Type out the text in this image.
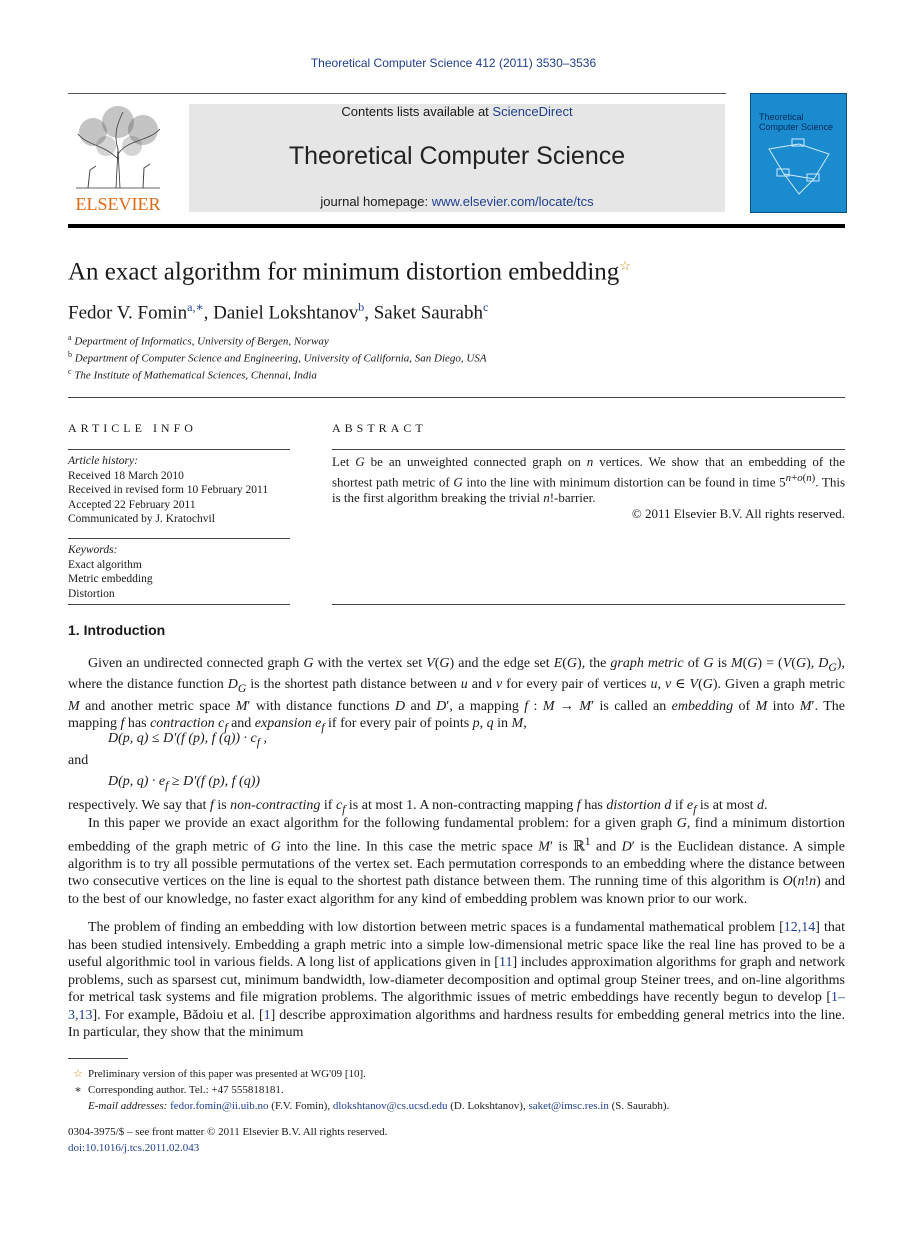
Theoretical Computer Science 412 (2011) 3530–3536
ELSEVIER
Contents lists available at ScienceDirect
Theoretical Computer Science
journal homepage: www.elsevier.com/locate/tcs
Theoretical
Computer Science
An exact algorithm for minimum distortion embedding☆
Fedor V. Fomin$^{a,∗}$, Daniel Lokshtanov$^b$, Saket Saurabh$^c$
$^a$ Department of Informatics, University of Bergen, Norway
$^b$ Department of Computer Science and Engineering, University of California, San Diego, USA
$^c$ The Institute of Mathematical Sciences, Chennai, India
ARTICLE INFO
Article history:
Received 18 March 2010
Received in revised form 10 February 2011
Accepted 22 February 2011
Communicated by J. Kratochvil
Keywords:
Exact algorithm
Metric embedding
Distortion
ABSTRACT
Let G be an unweighted connected graph on n vertices. We show that an embedding of the shortest path metric of G into the line with minimum distortion can be found in time $5^{n+o(n)}$. This is the first algorithm breaking the trivial n!-barrier.
© 2011 Elsevier B.V. All rights reserved.
1. Introduction
Given an undirected connected graph G with the vertex set V(G) and the edge set E(G), the graph metric of G is M(G) = (V(G), $D_G$), where the distance function $D_G$ is the shortest path distance between u and v for every pair of vertices u, v ∈ V(G). Given a graph metric M and another metric space M′ with distance functions D and D′, a mapping f : M → M′ is called an embedding of M into M′. The mapping f has contraction $c_f$ and expansion $e_f$ if for every pair of points p, q in M,
D(p, q) ≤ D′(f (p), f $(q)) \cdot c_f$ ,
and
D(p, $q) \cdot e_f \ge D'(f$ (p), f (q))
respectively. We say that f is non-contracting if $c_f$ is at most 1. A non-contracting mapping f has distortion d if $e_f$ is at most d.
In this paper we provide an exact algorithm for the following fundamental problem: for a given graph G, find a minimum distortion embedding of the graph metric of G into the line. In this case the metric space M′ is ℝ$^1$ and D′ is the Euclidean distance. A simple algorithm is to try all possible permutations of the vertex set. Each permutation corresponds to an embedding where the distance between two consecutive vertices on the line is equal to the shortest path distance between them. The running time of this algorithm is O(n!n) and to the best of our knowledge, no faster exact algorithm for any kind of embedding problem was known prior to our work.
The problem of finding an embedding with low distortion between metric spaces is a fundamental mathematical problem [12,14] that has been studied intensively. Embedding a graph metric into a simple low-dimensional metric space like the real line has proved to be a useful algorithmic tool in various fields. A long list of applications given in [11] includes approximation algorithms for graph and network problems, such as sparsest cut, minimum bandwidth, low-diameter decomposition and optimal group Steiner trees, and on-line algorithms for metrical task systems and file migration problems. The algorithmic issues of metric embeddings have recently begun to develop [1–3,13]. For example, Bădoiu et al. [1] describe approximation algorithms and hardness results for embedding general metrics into the line. In particular, they show that the minimum
☆ Preliminary version of this paper was presented at WG'09 [10].
∗ Corresponding author. Tel.: +47 555818181.
E-mail addresses: fedor.fomin@ii.uib.no (F.V. Fomin), dlokshtanov@cs.ucsd.edu (D. Lokshtanov), saket@imsc.res.in (S. Saurabh).
0304-3975/$ – see front matter © 2011 Elsevier B.V. All rights reserved.
doi:10.1016/j.tcs.2011.02.043
